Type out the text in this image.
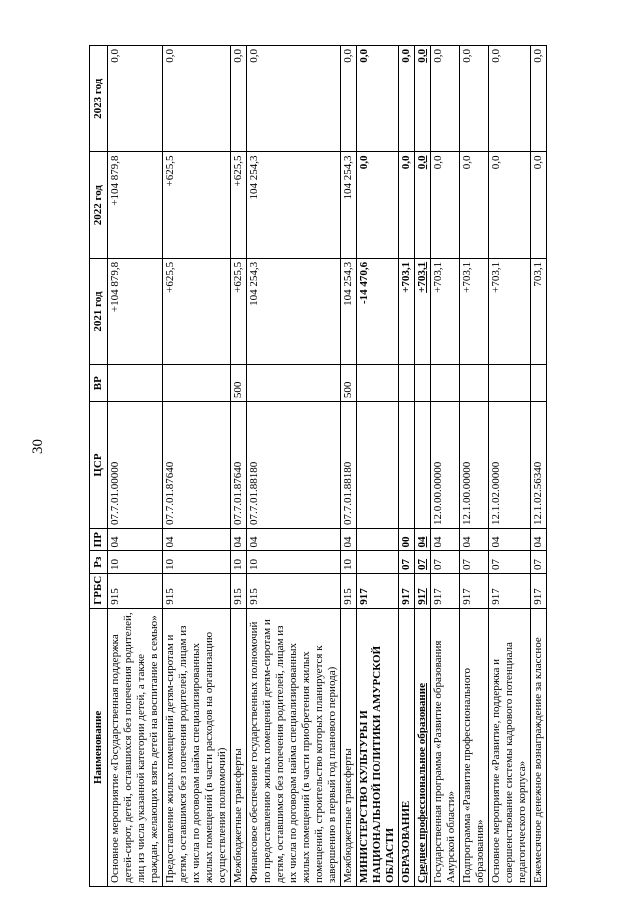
30
Наименование	ГРБС	Рз	ПР	ЦСР	ВР	2021 год	2022 год	2023 год
Основное мероприятие «Государственная поддержка детей-сирот, детей, оставшихся без попечения родителей, лиц из числа указанной категории детей, а также граждан, желающих взять детей на воспитание в семью»	915	10	04	07.7.01.00000		+104 879,8	+104 879,8	0,0
Предоставление жилых помещений детям-сиротам и детям, оставшимся без попечения родителей, лицам из их числа по договорам найма специализированных жилых помещений (в части расходов на организацию осуществления полномочий)	915	10	04	07.7.01.87640		+625,5	+625,5	0,0
Межбюджетные трансферты	915	10	04	07.7.01.87640	500	+625,5	+625,5	0,0
Финансовое обеспечение государственных полномочий по предоставлению жилых помещений детям-сиротам и детям, оставшимся без попечения родителей, лицам из их числа по договорам найма специализированных жилых помещений (в части приобретения жилых помещений, строительство которых планируется к завершению в первый год планового периода)	915	10	04	07.7.01.88180		104 254,3	104 254,3	0,0
Межбюджетные трансферты	915	10	04	07.7.01.88180	500	104 254,3	104 254,3	0,0
МИНИСТЕРСТВО КУЛЬТУРЫ И НАЦИОНАЛЬНОЙ ПОЛИТИКИ АМУРСКОЙ ОБЛАСТИ	917					-14 470,6	0,0	0,0
ОБРАЗОВАНИЕ	917	07	00			+703,1	0,0	0,0
Среднее профессиональное образование	917	07	04			+703,1	0,0	0,0
Государственная программа «Развитие образования Амурской области»	917	07	04	12.0.00.00000		+703,1	0,0	0,0
Подпрограмма «Развитие профессионального образования»	917	07	04	12.1.00.00000		+703,1	0,0	0,0
Основное мероприятие «Развитие, поддержка и совершенствование системы кадрового потенциала педагогического корпуса»	917	07	04	12.1.02.00000		+703,1	0,0	0,0
Ежемесячное денежное вознаграждение за классное	917	07	04	12.1.02.56340		703,1	0,0	0,0
